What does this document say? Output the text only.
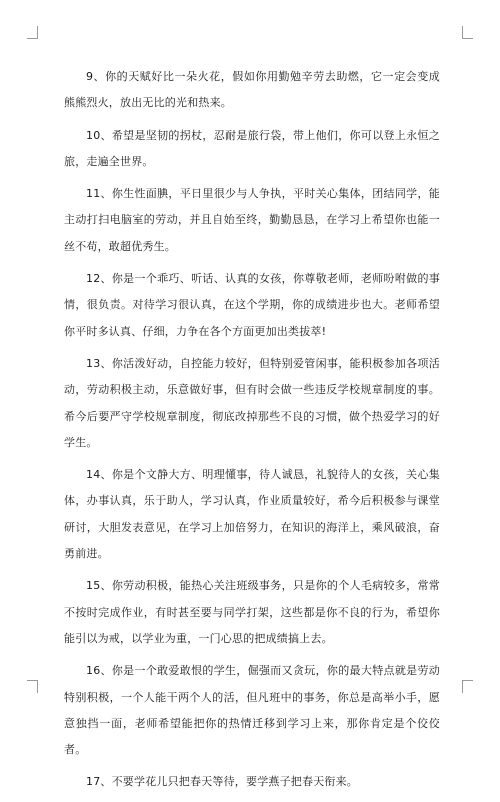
9、你的天赋好比一朵火花，假如你用勤勉辛劳去助燃，它一定会变成熊熊烈火，放出无比的光和热来。

10、希望是坚韧的拐杖，忍耐是旅行袋，带上他们，你可以登上永恒之旅，走遍全世界。

11、你生性面腆，平日里很少与人争执，平时关心集体，团结同学，能主动打扫电脑室的劳动，并且自始至终，勤勤恳恳，在学习上希望你也能一丝不苟，敢超优秀生。

12、你是一个乖巧、听话、认真的女孩，你尊敬老师，老师吩咐做的事情，很负责。对待学习很认真，在这个学期，你的成绩进步也大。老师希望你平时多认真、仔细，力争在各个方面更加出类拔萃!

13、你活泼好动，自控能力较好，但特别爱管闲事，能积极参加各项活动，劳动积极主动，乐意做好事，但有时会做一些违反学校规章制度的事。希今后要严守学校规章制度，彻底改掉那些不良的习惯，做个热爱学习的好学生。

14、你是个文静大方、明理懂事，待人诚恳，礼貌待人的女孩，关心集体，办事认真，乐于助人，学习认真，作业质量较好，希今后积极参与课堂研讨，大胆发表意见，在学习上加倍努力，在知识的海洋上，乘风破浪，奋勇前进。

15、你劳动积极，能热心关注班级事务，只是你的个人毛病较多，常常不按时完成作业，有时甚至要与同学打架，这些都是你不良的行为，希望你能引以为戒，以学业为重，一门心思的把成绩搞上去。

16、你是一个敢爱敢恨的学生，倔强而又贪玩，你的最大特点就是劳动特别积极，一个人能干两个人的活，但凡班中的事务，你总是高举小手，愿意独挡一面，老师希望能把你的热情迁移到学习上来，那你肯定是个佼佼者。

17、不要学花儿只把春天等待，要学燕子把春天衔来。
